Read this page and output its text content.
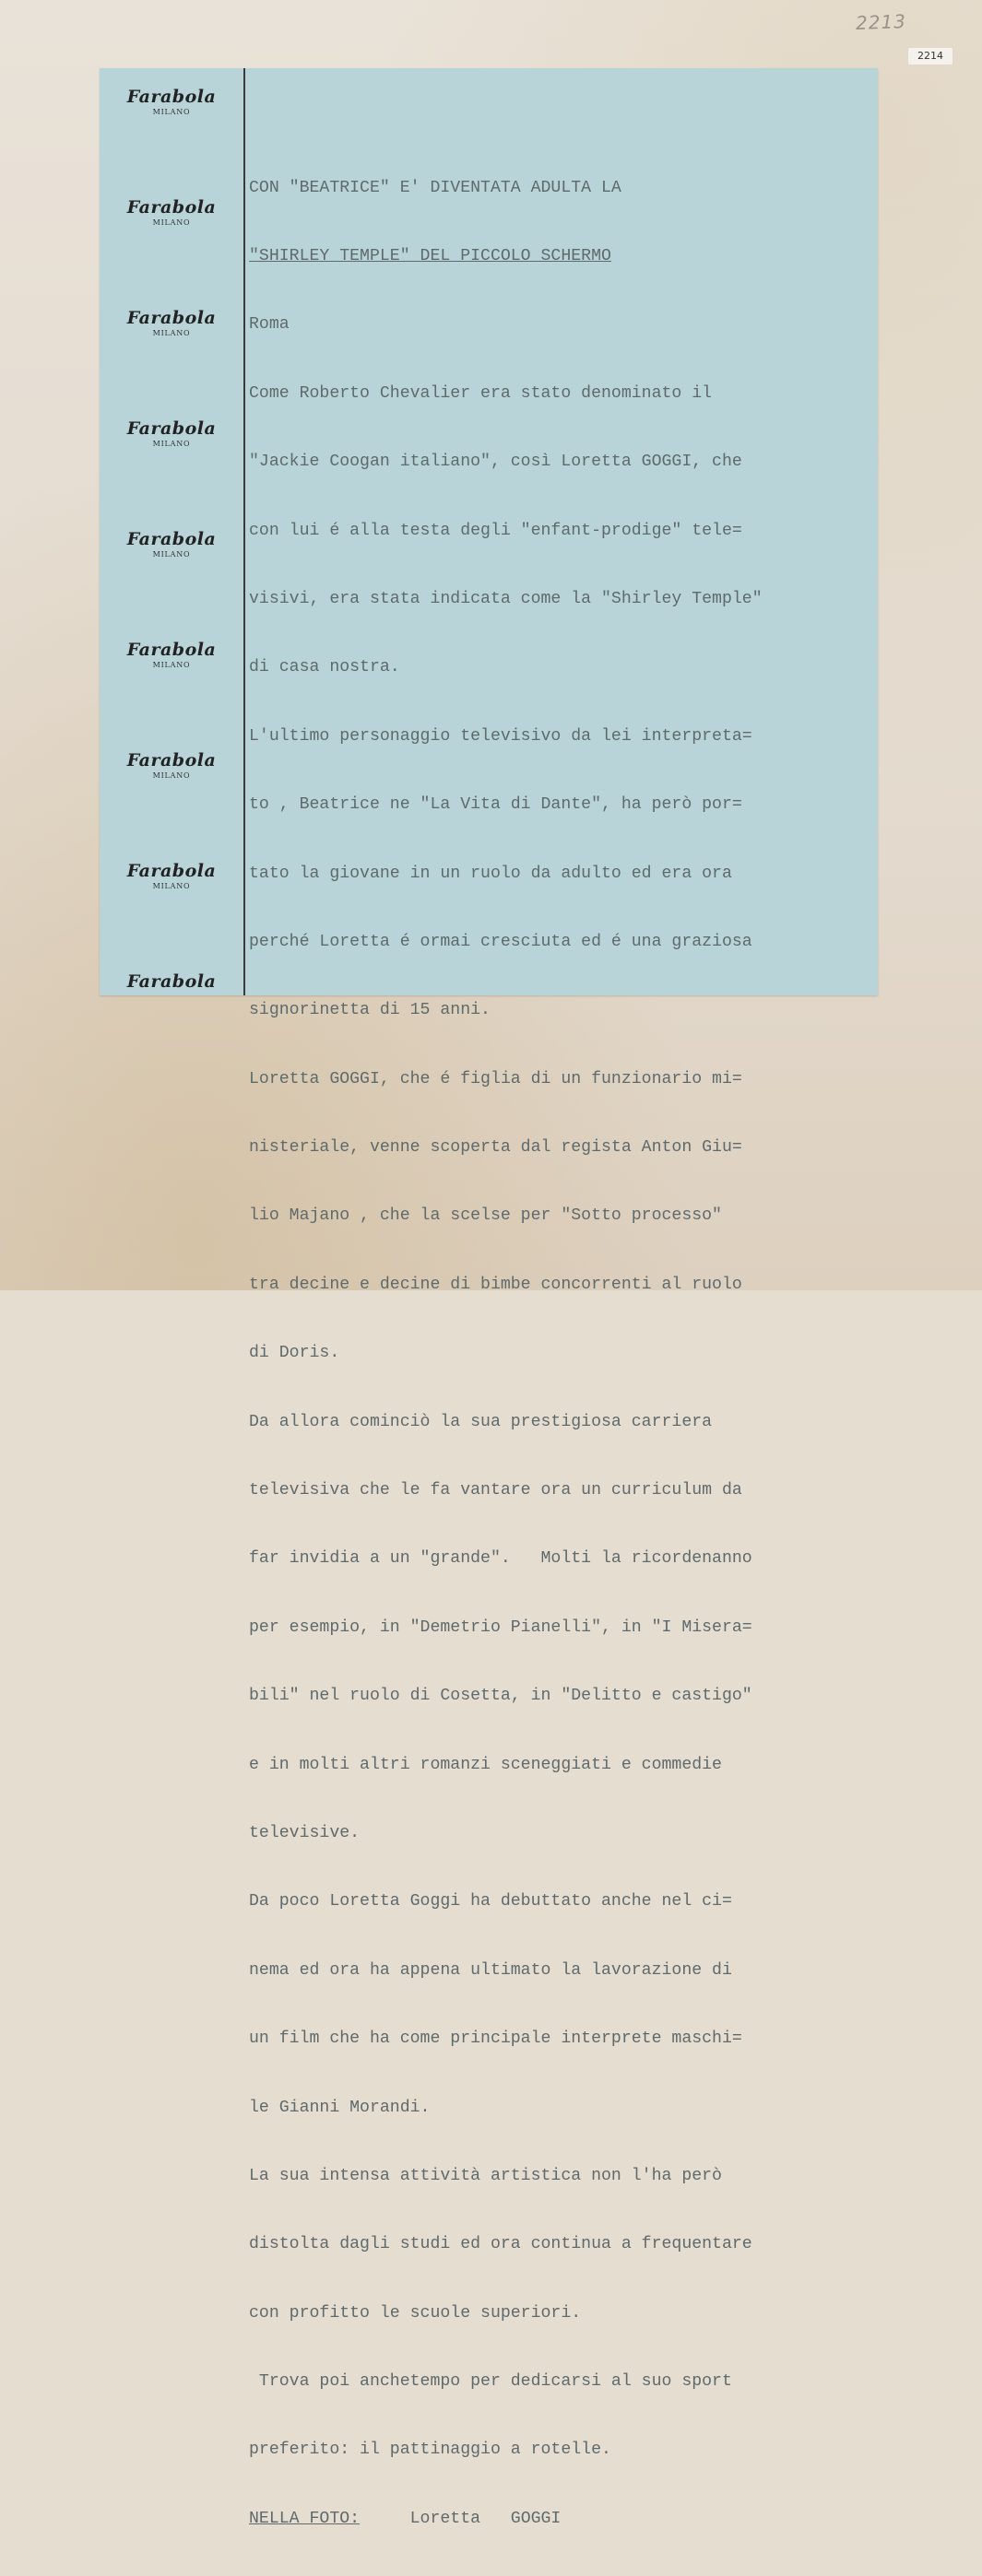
2213
2214
Farabola
MILANO
Farabola
MILANO
Farabola
MILANO
Farabola
MILANO
Farabola
MILANO
Farabola
MILANO
Farabola
MILANO
Farabola
MILANO
Farabola

CON "BEATRICE" E' DIVENTATA ADULTA LA

"SHIRLEY TEMPLE" DEL PICCOLO SCHERMO

Roma

Come Roberto Chevalier era stato denominato il

"Jackie Coogan italiano", così Loretta GOGGI, che

con lui é alla testa degli "enfant-prodige" tele=

visivi, era stata indicata come la "Shirley Temple"

di casa nostra.

L'ultimo personaggio televisivo da lei interpreta=

to , Beatrice ne "La Vita di Dante", ha però por=

tato la giovane in un ruolo da adulto ed era ora

perché Loretta é ormai cresciuta ed é una graziosa

signorinetta di 15 anni.

Loretta GOGGI, che é figlia di un funzionario mi=

nisteriale, venne scoperta dal regista Anton Giu=

lio Majano , che la scelse per "Sotto processo"

tra decine e decine di bimbe concorrenti al ruolo

di Doris.

Da allora cominciò la sua prestigiosa carriera

televisiva che le fa vantare ora un curriculum da

far invidia a un "grande".   Molti la ricordenanno

per esempio, in "Demetrio Pianelli", in "I Misera=

bili" nel ruolo di Cosetta, in "Delitto e castigo"

e in molti altri romanzi sceneggiati e commedie

televisive.

Da poco Loretta Goggi ha debuttato anche nel ci=

nema ed ora ha appena ultimato la lavorazione di

un film che ha come principale interprete maschi=

le Gianni Morandi.

La sua intensa attività artistica non l'ha però

distolta dagli studi ed ora continua a frequentare

con profitto le scuole superiori.

Trova poi anchetempo per dedicarsi al suo sport

preferito: il pattinaggio a rotelle.

NELLA FOTO:     Loretta   GOGGI
